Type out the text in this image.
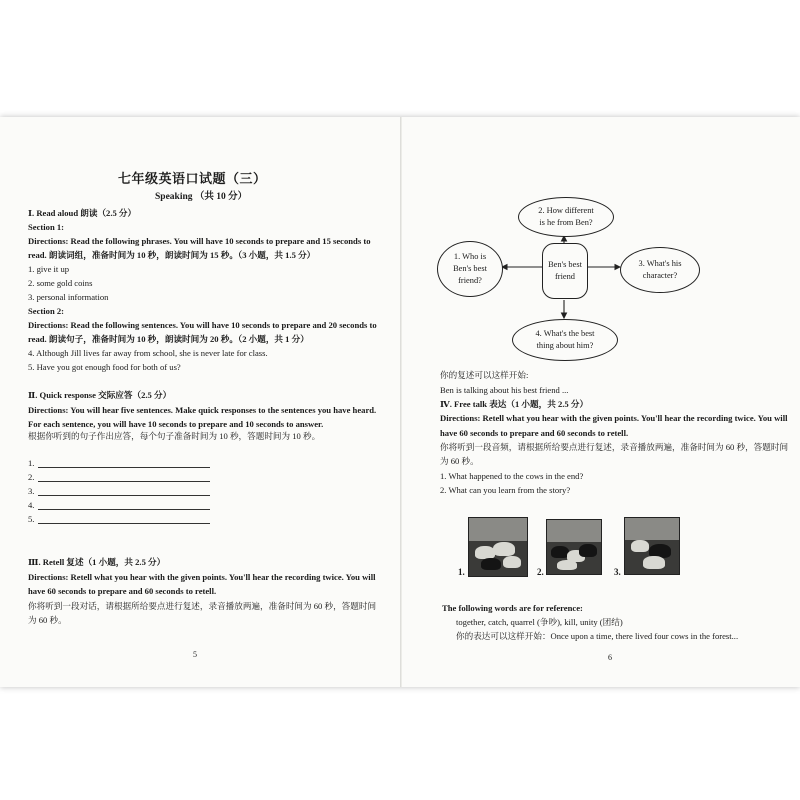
七年级英语口试题（三）
Speaking （共 10 分）
Ⅰ. Read aloud 朗读（2.5 分）
Section 1:
Directions: Read the following phrases. You will have 10 seconds to prepare and 15 seconds to
read. 朗读词组，准备时间为 10 秒，朗读时间为 15 秒。（3 小题，共 1.5 分）
1. give it up
2. some gold coins
3. personal information
Section 2:
Directions: Read the following sentences. You will have 10 seconds to prepare and 20 seconds to
read. 朗读句子，准备时间为 10 秒，朗读时间为 20 秒。（2 小题，共 1 分）
4. Although Jill lives far away from school, she is never late for class.
5. Have you got enough food for both of us?
Ⅱ. Quick response 交际应答（2.5 分）
Directions: You will hear five sentences. Make quick responses to the sentences you have heard.
For each sentence, you will have 10 seconds to prepare and 10 seconds to answer.
根据你听到的句子作出应答，每个句子准备时间为 10 秒，答题时间为 10 秒。
1.
2.
3.
4.
5.
Ⅲ. Retell 复述（1 小题，共 2.5 分）
Directions: Retell what you hear with the given points. You'll hear the recording twice. You will
have 60 seconds to prepare and 60 seconds to retell.
你将听到一段对话，请根据所给要点进行复述，录音播放两遍，准备时间为 60 秒，答题时间
为 60 秒。
5
2. How different
is he from Ben?
Ben's best
friend
1. Who is
Ben's best
friend?
3. What's his
character?
4. What's the best
thing about him?
你的复述可以这样开始:
Ben is talking about his best friend ...
Ⅳ. Free talk 表达（1 小题，共 2.5 分）
Directions: Retell what you hear with the given points. You'll hear the recording twice. You will
have 60 seconds to prepare and 60 seconds to retell.
你将听到一段音频，请根据所给要点进行复述，录音播放两遍，准备时间为 60 秒，答题时间
为 60 秒。
1. What happened to the cows in the end?
2. What can you learn from the story?
1.	2.	3.
The following words are for reference:
together, catch, quarrel (争吵), kill, unity (团结)
你的表达可以这样开始：Once upon a time, there lived four cows in the forest...
6
